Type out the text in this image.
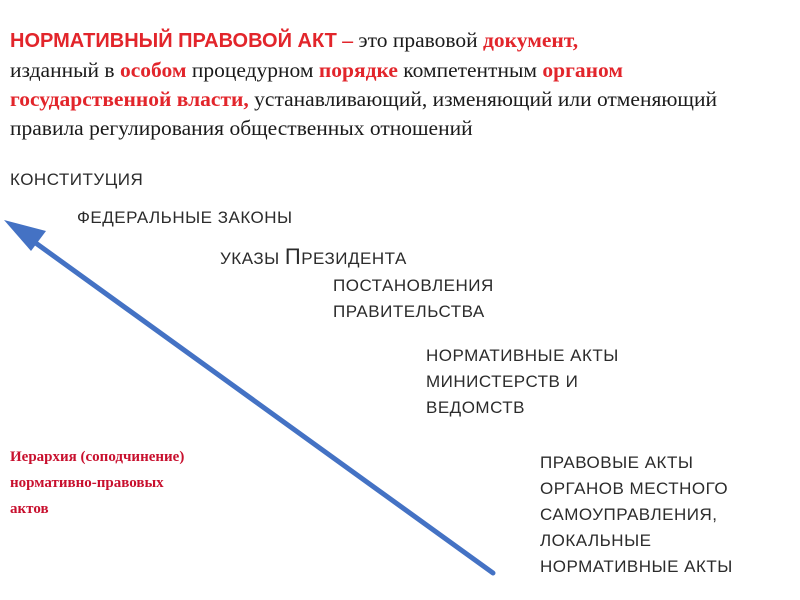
НОРМАТИВНЫЙ ПРАВОВОЙ АКТ – это правовой документ,
изданный в особом процедурном порядке компетентным органом
государственной власти, устанавливающий, изменяющий или отменяющий правила регулирования общественных отношений

КОНСТИТУЦИЯ

ФЕДЕРАЛЬНЫЕ ЗАКОНЫ

УКАЗЫ ПРЕЗИДЕНТА

ПОСТАНОВЛЕНИЯ
ПРАВИТЕЛЬСТВА

НОРМАТИВНЫЕ АКТЫ
МИНИСТЕРСТВ И
ВЕДОМСТВ

ПРАВОВЫЕ АКТЫ
ОРГАНОВ МЕСТНОГО
САМОУПРАВЛЕНИЯ,
ЛОКАЛЬНЫЕ
НОРМАТИВНЫЕ АКТЫ

Иерархия (соподчинение)
нормативно-правовых
актов
